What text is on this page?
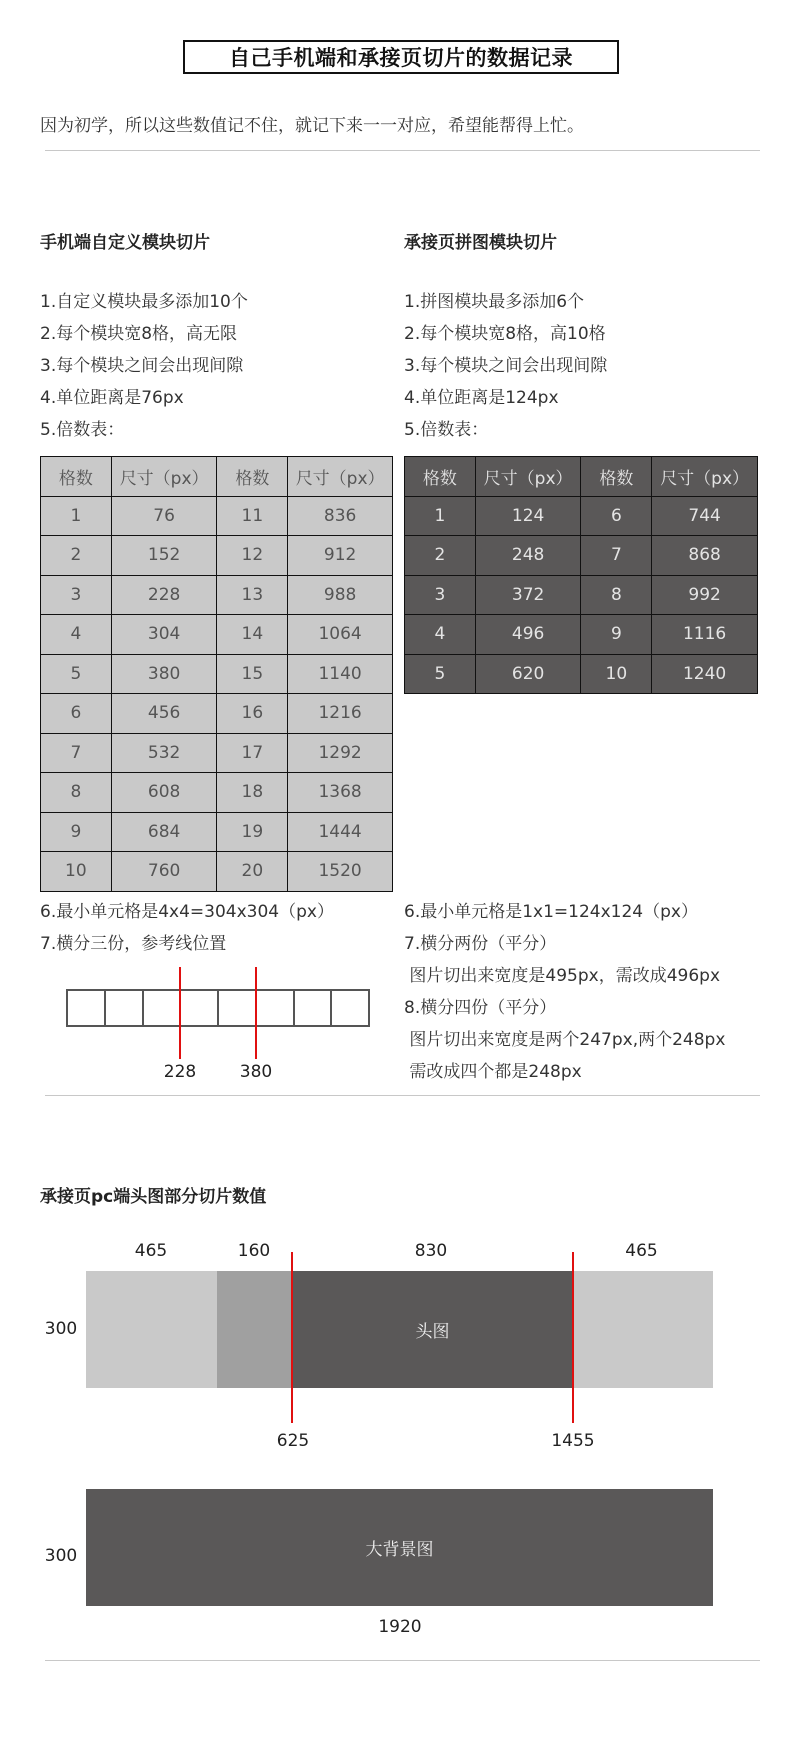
自己手机端和承接页切片的数据记录
因为初学，所以这些数值记不住，就记下来一一对应，希望能帮得上忙。
手机端自定义模块切片
1.自定义模块最多添加10个
2.每个模块宽8格，高无限
3.每个模块之间会出现间隙
4.单位距离是76px
5.倍数表：
格数	尺寸（px）	格数	尺寸（px）
1	76	11	836
2	152	12	912
3	228	13	988
4	304	14	1064
5	380	15	1140
6	456	16	1216
7	532	17	1292
8	608	18	1368
9	684	19	1444
10	760	20	1520
6.最小单元格是4x4=304x304（px）
7.横分三份，参考线位置
228	380
承接页拼图模块切片
1.拼图模块最多添加6个
2.每个模块宽8格，高10格
3.每个模块之间会出现间隙
4.单位距离是124px
5.倍数表：
格数	尺寸（px）	格数	尺寸（px）
1	124	6	744
2	248	7	868
3	372	8	992
4	496	9	1116
5	620	10	1240
6.最小单元格是1x1=124x124（px）
7.横分两份（平分）
图片切出来宽度是495px，需改成496px
8.横分四份（平分）
图片切出来宽度是两个247px,两个248px
需改成四个都是248px
承接页pc端头图部分切片数值
465	160	830	465
300	头图
625	1455
300	大背景图
1920
